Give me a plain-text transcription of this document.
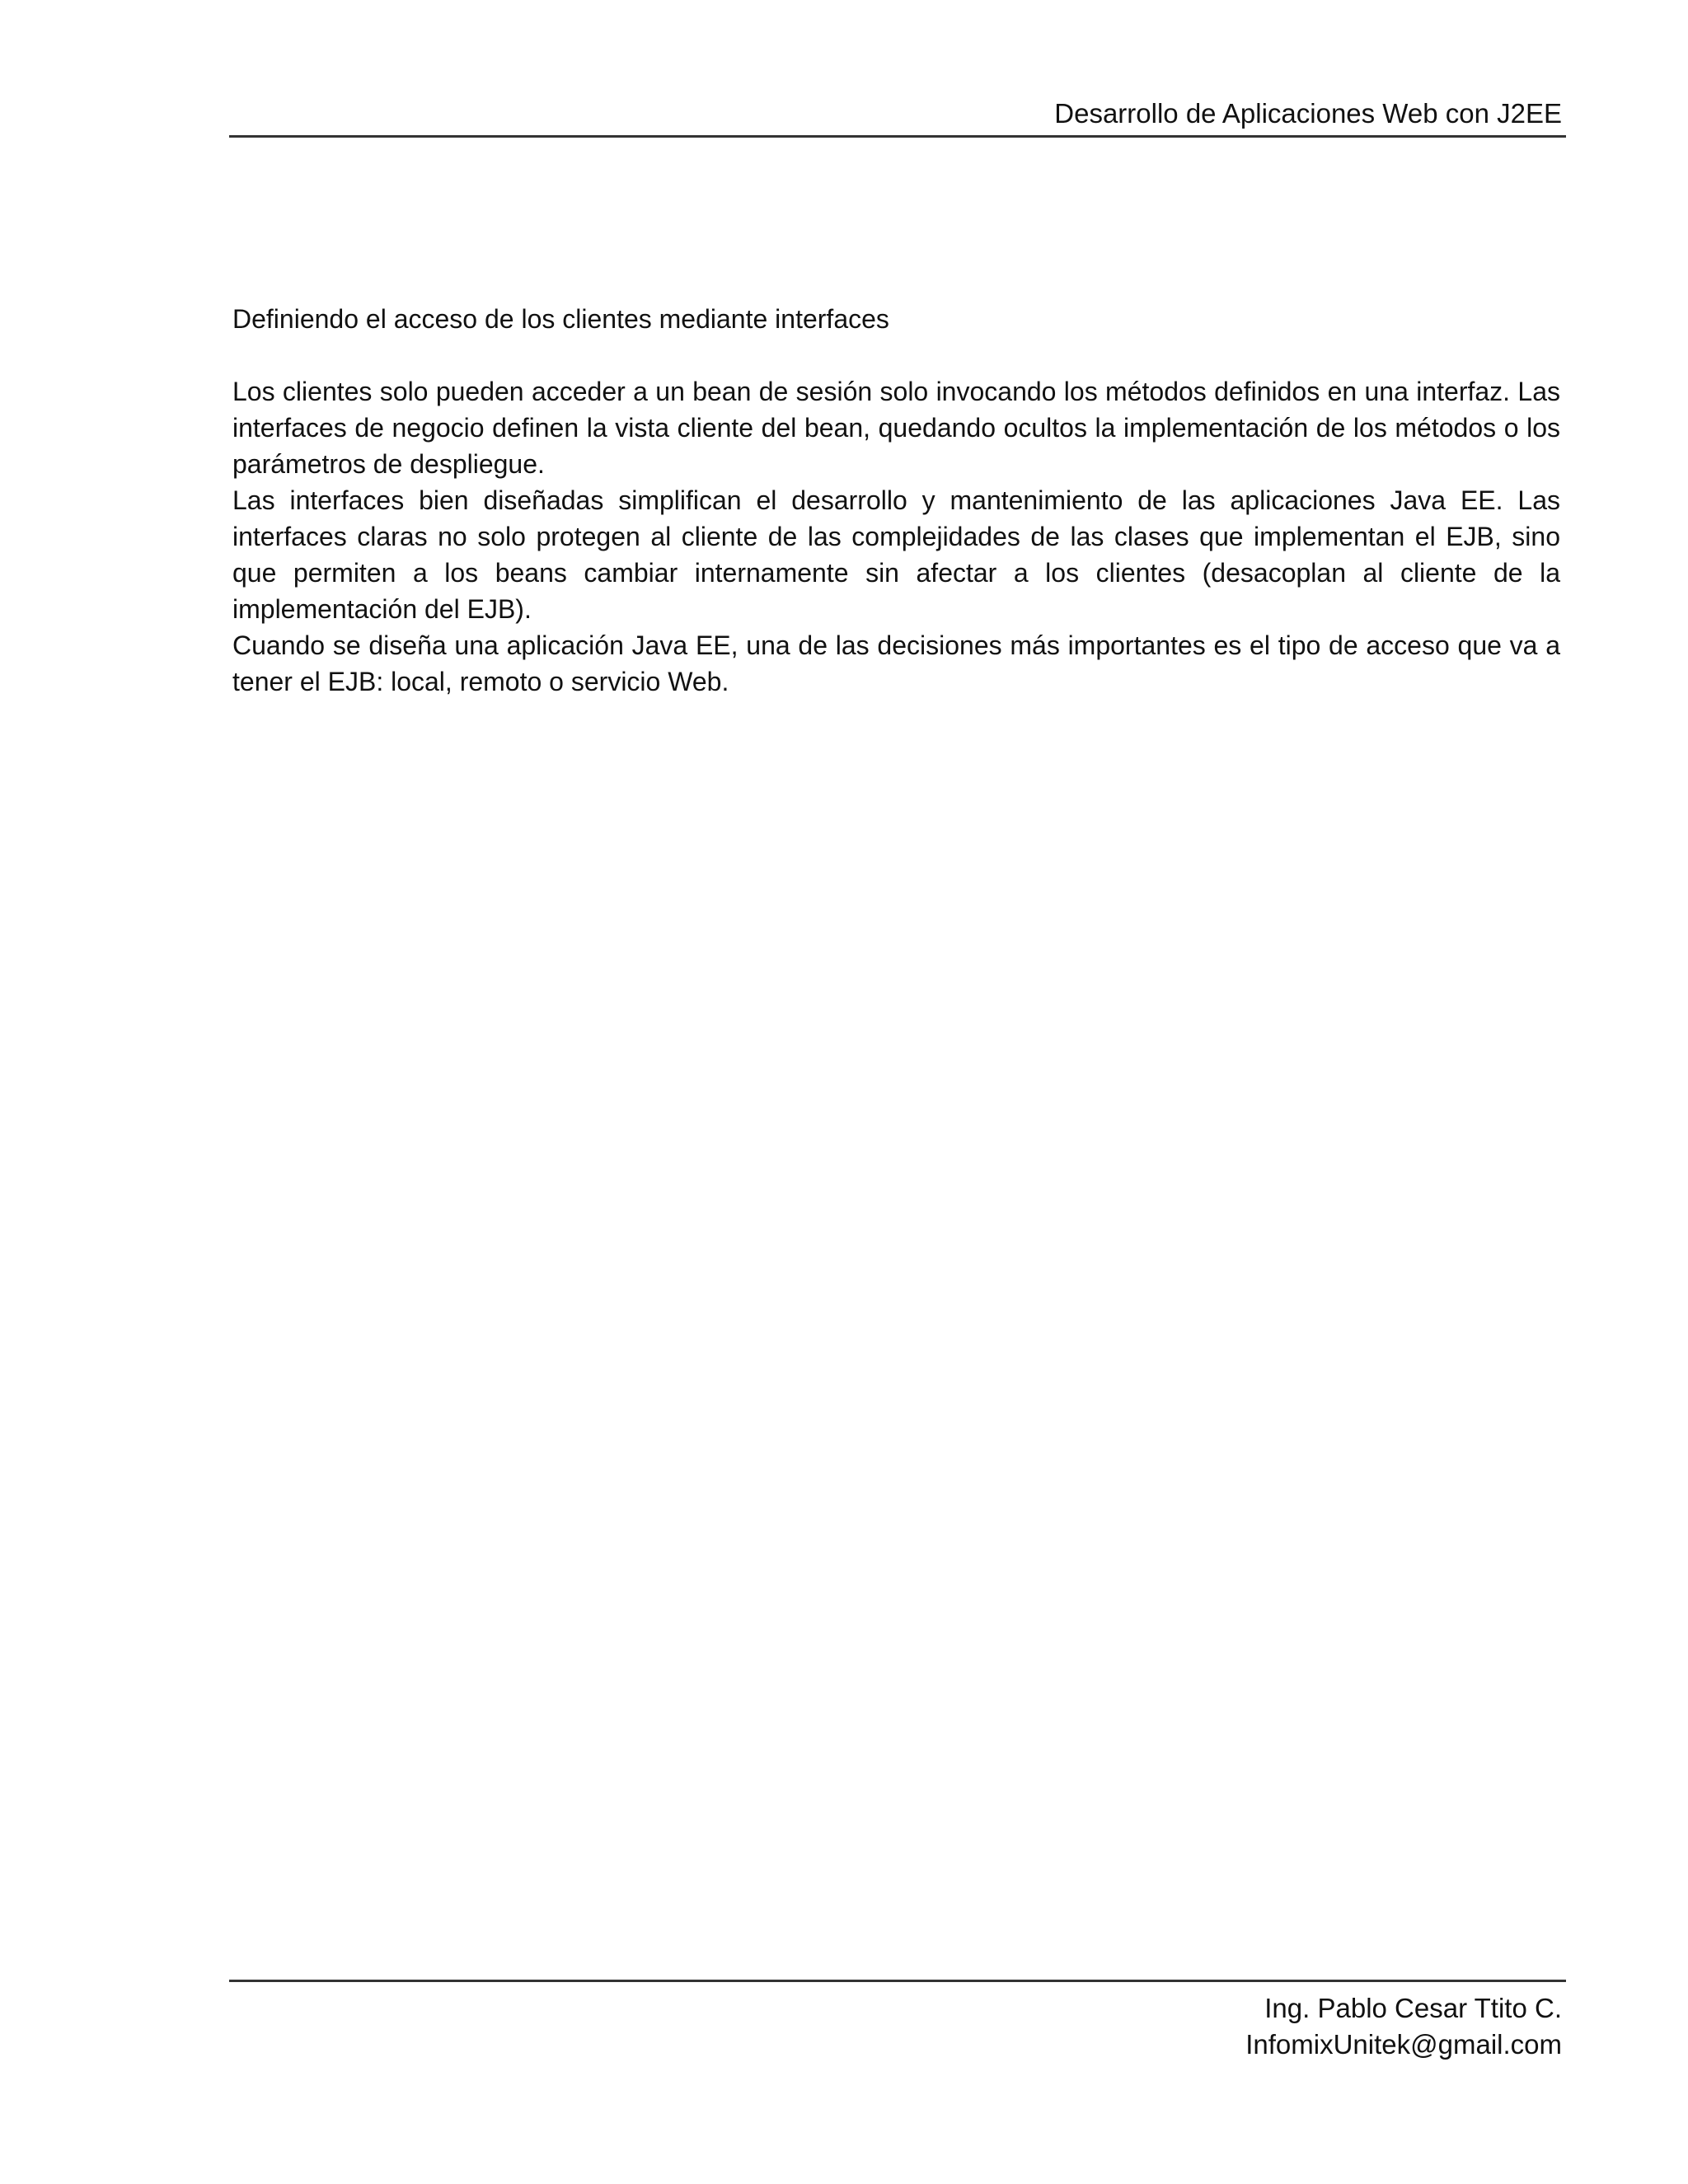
Desarrollo de Aplicaciones Web con J2EE
Definiendo el acceso de los clientes mediante interfaces

Los clientes solo pueden acceder a un bean de sesión solo invocando los métodos definidos en una interfaz. Las interfaces de negocio definen la vista cliente del bean, quedando ocultos la implementación de los métodos o los parámetros de despliegue.

Las interfaces bien diseñadas simplifican el desarrollo y mantenimiento de las aplicaciones Java EE. Las interfaces claras no solo protegen al cliente de las complejidades de las clases que implementan el EJB, sino que permiten a los beans cambiar internamente sin afectar a los clientes (desacoplan al cliente de la implementación del EJB).

Cuando se diseña una aplicación Java EE, una de las decisiones más importantes es el tipo de acceso que va a tener el EJB: local, remoto o servicio Web.

Ing. Pablo Cesar Ttito C.
InfomixUnitek@gmail.com
